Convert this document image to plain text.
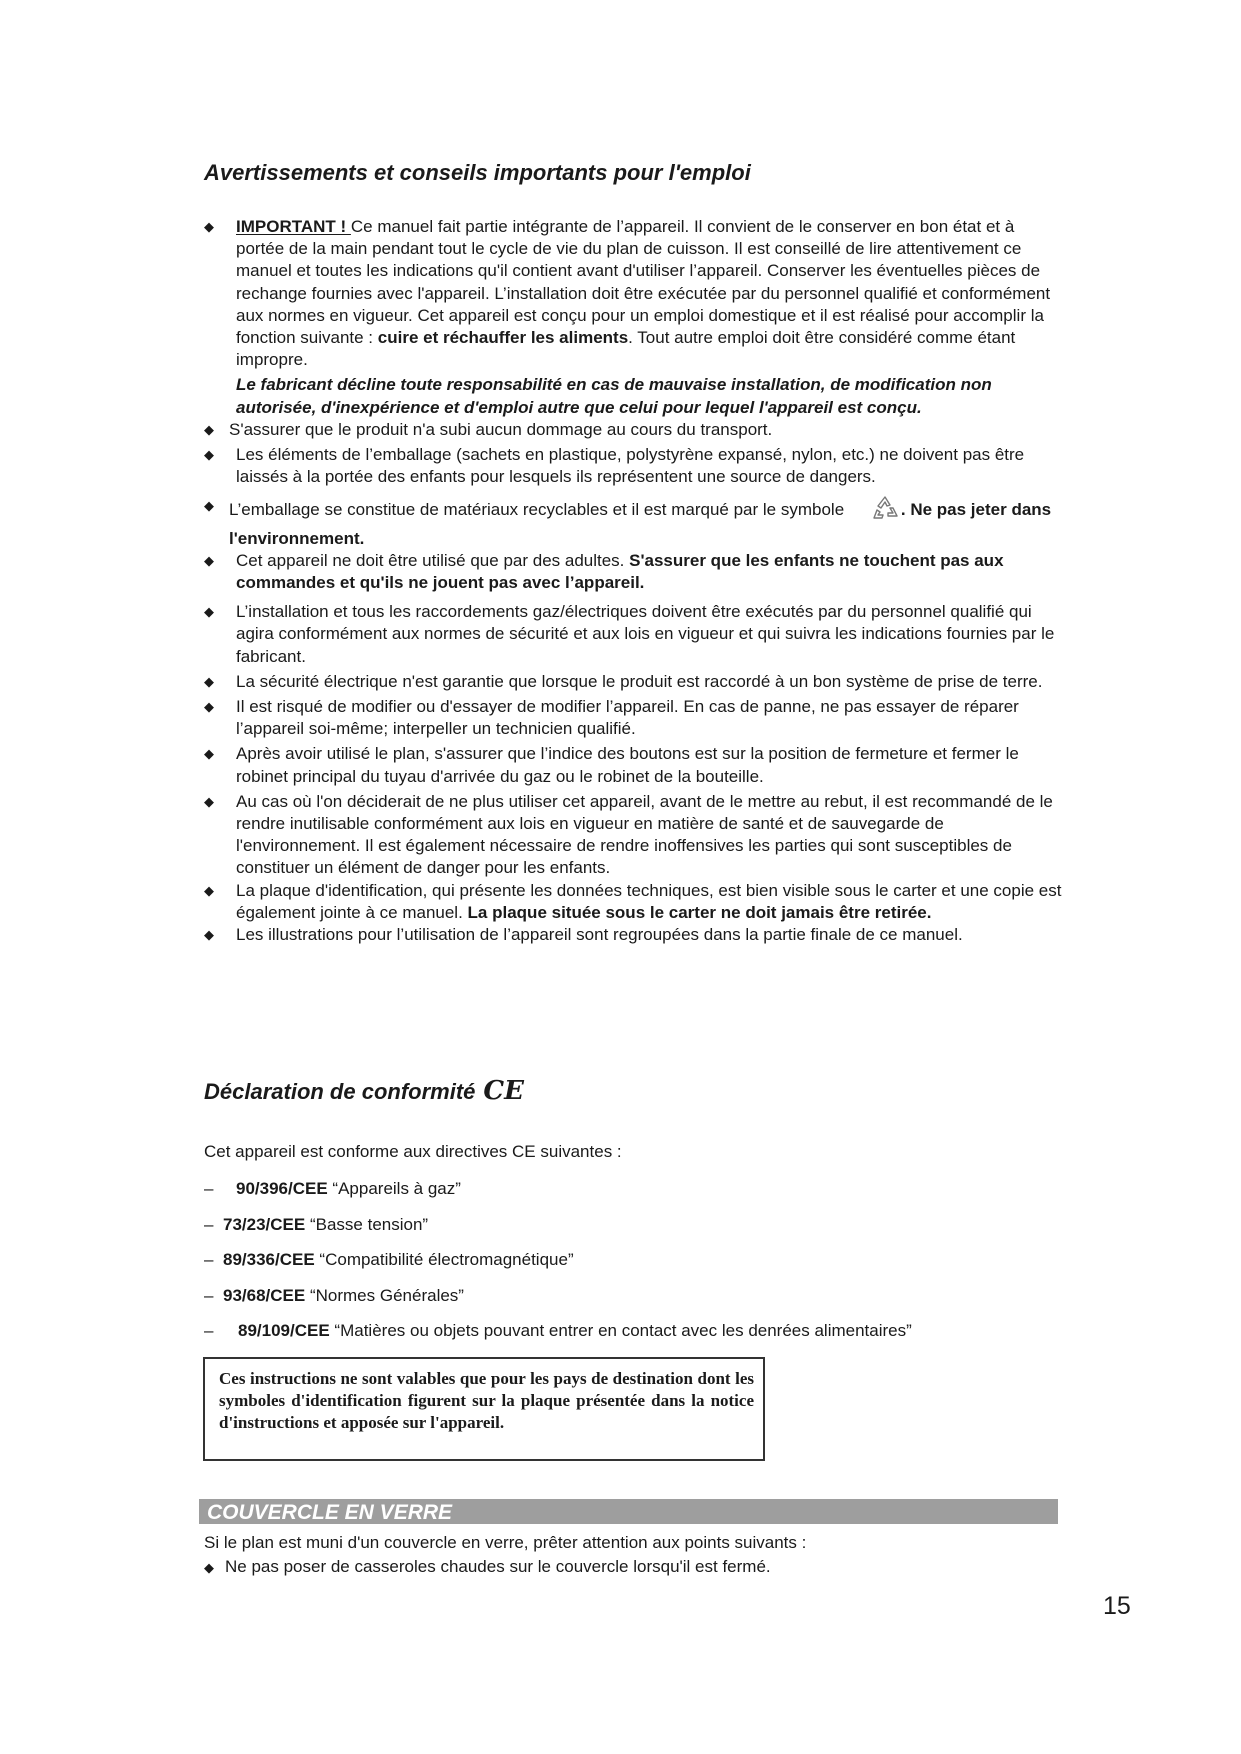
Avertissements et conseils importants pour l'emploi
◆	IMPORTANT ! Ce manuel fait partie intégrante de l’appareil. Il convient de le conserver en bon état et à portée de la main pendant tout le cycle de vie du plan de cuisson. Il est conseillé de lire attentivement ce manuel et toutes les indications qu'il contient avant d'utiliser l’appareil. Conserver les éventuelles pièces de rechange fournies avec l'appareil. L’installation doit être exécutée par du personnel qualifié et conformément aux normes en vigueur. Cet appareil est conçu pour un emploi domestique et il est réalisé pour accomplir la fonction suivante : cuire et réchauffer les aliments. Tout autre emploi doit être considéré comme étant impropre.
Le fabricant décline toute responsabilité en cas de mauvaise installation, de modification non autorisée, d'inexpérience et d'emploi autre que celui pour lequel l'appareil est conçu.
◆ S'assurer que le produit n'a subi aucun dommage au cours du transport.
◆ Les éléments de l’emballage (sachets en plastique, polystyrène expansé, nylon, etc.) ne doivent pas être laissés à la portée des enfants pour lesquels ils représentent une source de dangers.
◆ L’emballage se constitue de matériaux recyclables et il est marqué par le symbole	. Ne pas jeter dans l'environnement.
◆ Cet appareil ne doit être utilisé que par des adultes. S'assurer que les enfants ne touchent pas aux commandes et qu'ils ne jouent pas avec l’appareil.
◆ L’installation et tous les raccordements gaz/électriques doivent être exécutés par du personnel qualifié qui agira conformément aux normes de sécurité et aux lois en vigueur et qui suivra les indications fournies par le fabricant.
◆ La sécurité électrique n'est garantie que lorsque le produit est raccordé à un bon système de prise de terre.
◆ Il est risqué de modifier ou d'essayer de modifier l’appareil. En cas de panne, ne pas essayer de réparer l’appareil soi-même; interpeller un technicien qualifié.
◆ Après avoir utilisé le plan, s'assurer que l’indice des boutons est sur la position de fermeture et fermer le robinet principal du tuyau d'arrivée du gaz ou le robinet de la bouteille.
◆ Au cas où l'on déciderait de ne plus utiliser cet appareil, avant de le mettre au rebut, il est recommandé de le rendre inutilisable conformément aux lois en vigueur en matière de santé et de sauvegarde de l'environnement. Il est également nécessaire de rendre inoffensives les parties qui sont susceptibles de constituer un élément de danger pour les enfants.
◆ La plaque d'identification, qui présente les données techniques, est bien visible sous le carter et une copie est également jointe à ce manuel. La plaque située sous le carter ne doit jamais être retirée.
◆ Les illustrations pour l’utilisation de l’appareil sont regroupées dans la partie finale de ce manuel.
Déclaration de conformité CE
Cet appareil est conforme aux directives CE suivantes :
– 90/396/CEE “Appareils à gaz”
– 73/23/CEE “Basse tension”
– 89/336/CEE “Compatibilité électromagnétique”
– 93/68/CEE “Normes Générales”
– 89/109/CEE “Matières ou objets pouvant entrer en contact avec les denrées alimentaires”
Ces instructions ne sont valables que pour les pays de destination dont les symboles d'identification figurent sur la plaque présentée dans la notice d'instructions et apposée sur l'appareil.
COUVERCLE EN VERRE
Si le plan est muni d'un couvercle en verre, prêter attention aux points suivants :
◆ Ne pas poser de casseroles chaudes sur le couvercle lorsqu'il est fermé.
15
